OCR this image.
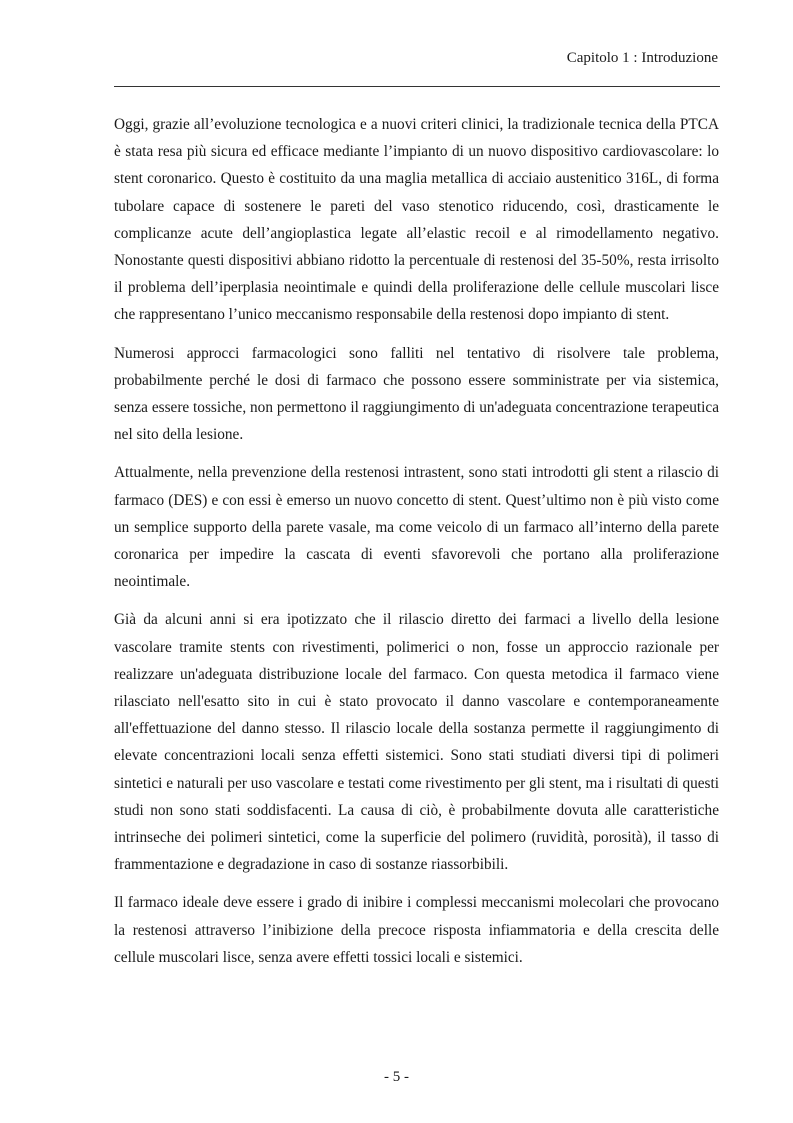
Capitolo 1 : Introduzione

Oggi, grazie all’evoluzione tecnologica e a nuovi criteri clinici, la tradizionale tecnica della PTCA è stata resa più sicura ed efficace mediante l’impianto di un nuovo dispositivo cardiovascolare: lo stent coronarico. Questo è costituito da una maglia metallica di acciaio austenitico 316L, di forma tubolare capace di sostenere le pareti del vaso stenotico riducendo, così, drasticamente le complicanze acute dell’angioplastica legate all’elastic recoil e al rimodellamento negativo. Nonostante questi dispositivi abbiano ridotto la percentuale di restenosi del 35-50%, resta irrisolto il problema dell’iperplasia neointimale e quindi della proliferazione delle cellule muscolari lisce che rappresentano l’unico meccanismo responsabile della restenosi dopo impianto di stent.

Numerosi approcci farmacologici sono falliti nel tentativo di risolvere tale problema, probabilmente perché le dosi di farmaco che possono essere somministrate per via sistemica, senza essere tossiche, non permettono il raggiungimento di un'adeguata concentrazione terapeutica nel sito della lesione.

Attualmente, nella prevenzione della restenosi intrastent, sono stati introdotti gli stent a rilascio di farmaco (DES) e con essi è emerso un nuovo concetto di stent. Quest’ultimo non è più visto come un semplice supporto della parete vasale, ma come veicolo di un farmaco all’interno della parete coronarica per impedire la cascata di eventi sfavorevoli che portano alla proliferazione neointimale.

Già da alcuni anni si era ipotizzato che il rilascio diretto dei farmaci a livello della lesione vascolare tramite stents con rivestimenti, polimerici o non, fosse un approccio razionale per realizzare un'adeguata distribuzione locale del farmaco. Con questa metodica il farmaco viene rilasciato nell'esatto sito in cui è stato provocato il danno vascolare e contemporaneamente all'effettuazione del danno stesso. Il rilascio locale della sostanza permette il raggiungimento di elevate concentrazioni locali senza effetti sistemici. Sono stati studiati diversi tipi di polimeri sintetici e naturali per uso vascolare e testati come rivestimento per gli stent, ma i risultati di questi studi non sono stati soddisfacenti. La causa di ciò, è probabilmente dovuta alle caratteristiche intrinseche dei polimeri sintetici, come la superficie del polimero (ruvidità, porosità), il tasso di frammentazione e degradazione in caso di sostanze riassorbibili.

Il farmaco ideale deve essere i grado di inibire i complessi meccanismi molecolari che provocano la restenosi attraverso l’inibizione della precoce risposta infiammatoria e della crescita delle cellule muscolari lisce, senza avere effetti tossici locali e sistemici.

- 5 -
